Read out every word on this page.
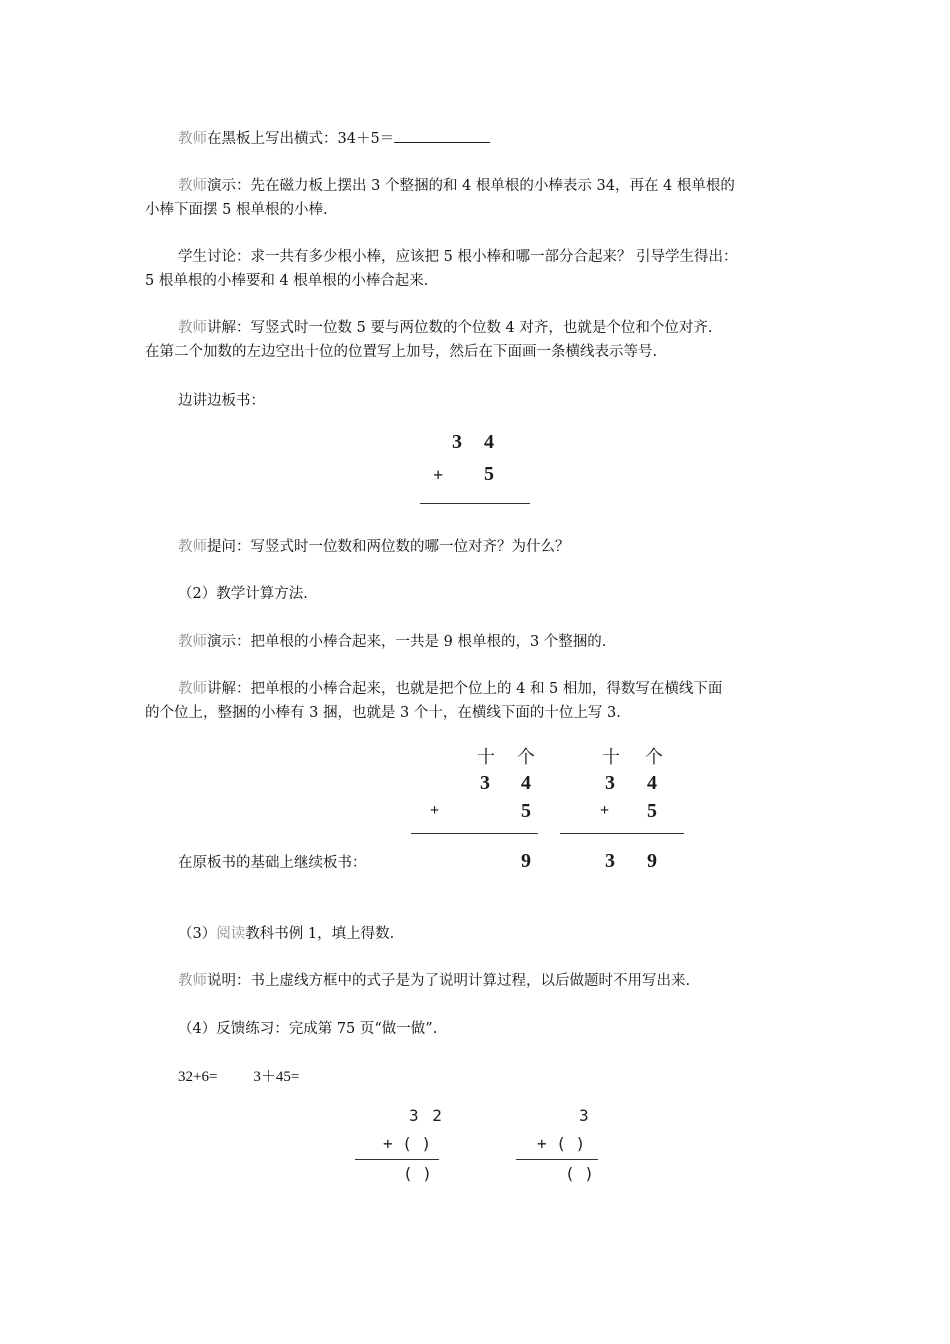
教师在黑板上写出横式：34＋5＝
教师演示：先在磁力板上摆出 3 个整捆的和 4 根单根的小棒表示 34，再在 4 根单根的
小棒下面摆 5 根单根的小棒.
学生讨论：求一共有多少根小棒，应该把 5 根小棒和哪一部分合起来？ 引导学生得出：
5 根单根的小棒要和 4 根单根的小棒合起来.
教师讲解：写竖式时一位数 5 要与两位数的个位数 4 对齐，也就是个位和个位对齐.
在第二个加数的左边空出十位的位置写上加号，然后在下面画一条横线表示等号.
边讲边板书：
3 4
+ 5
教师提问：写竖式时一位数和两位数的哪一位对齐？为什么？
（2）教学计算方法.
教师演示：把单根的小棒合起来，一共是 9 根单根的，3 个整捆的.
教师讲解：把单根的小棒合起来，也就是把个位上的 4 和 5 相加，得数写在横线下面
的个位上，整捆的小棒有 3 捆，也就是 3 个十，在横线下面的十位上写 3.
十 个
3 4
+	5
9
十 个
3 4
+ 5
3 9
在原板书的基础上继续板书：
（3）阅读教科书例 1，填上得数.
教师说明：书上虚线方框中的式子是为了说明计算过程，以后做题时不用写出来.
（4）反馈练习：完成第 75 页“做一做”.
32+6= 3＋45=
3 2
+ ( )
( )
3
+ ( )
( )
